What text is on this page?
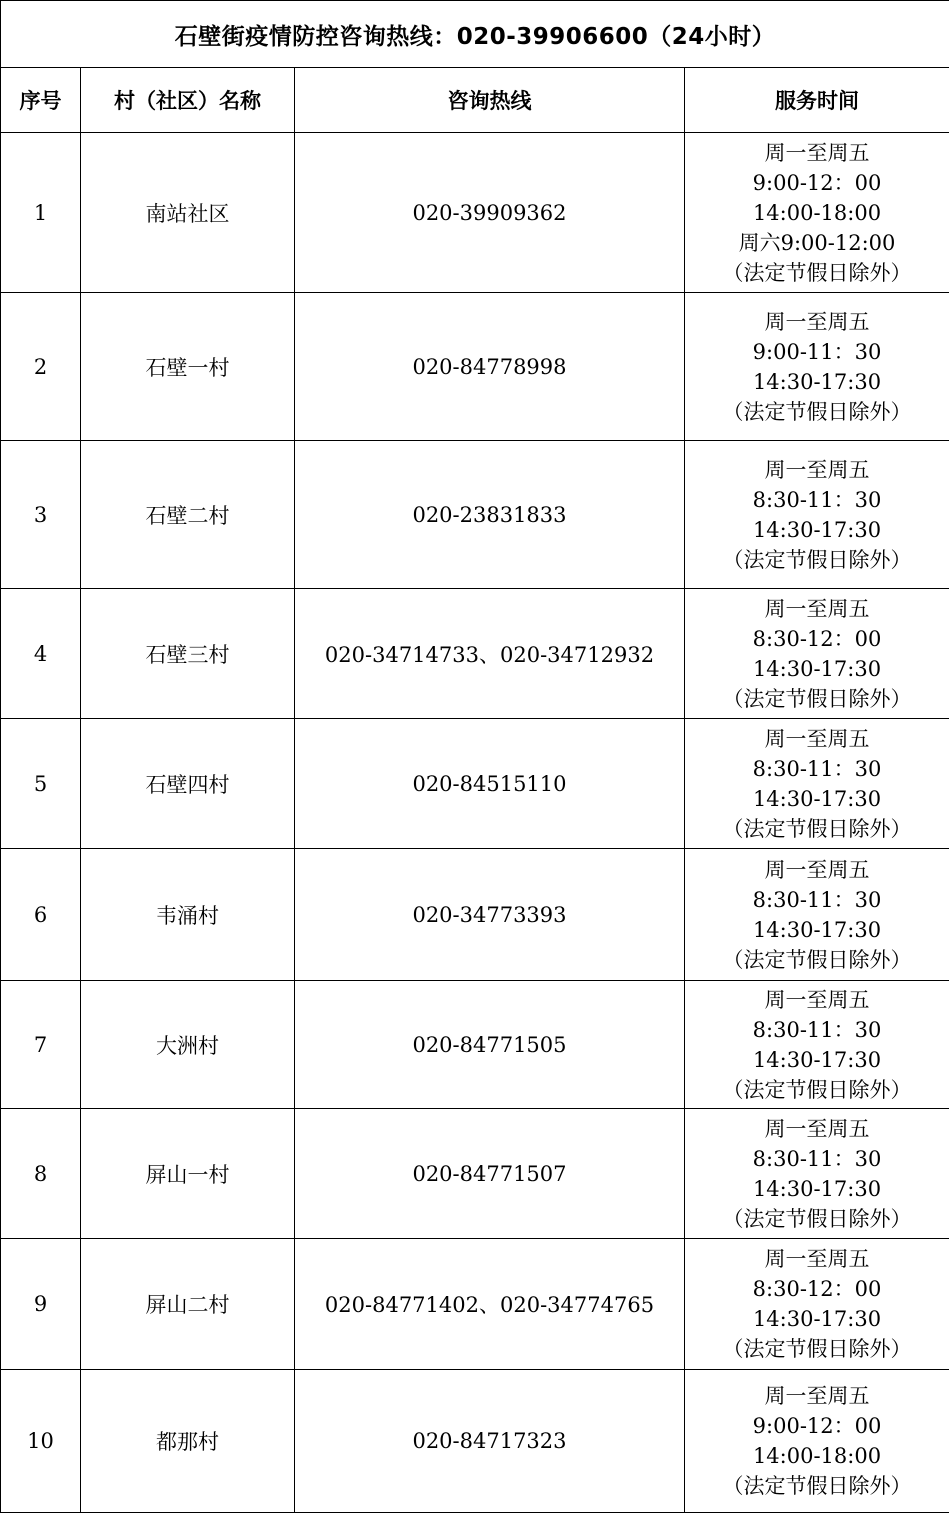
石壁街疫情防控咨询热线：020-39906600（24小时）			
序号	村（社区）名称	咨询热线	服务时间
1	南站社区	020-39909362	周一至周五
9:00-12：00
14:00-18:00
周六9:00-12:00
（法定节假日除外）

2	石壁一村	020-84778998	周一至周五
9:00-11：30
14:30-17:30
（法定节假日除外）

3	石壁二村	020-23831833	周一至周五
8:30-11：30
14:30-17:30
（法定节假日除外）

4	石壁三村	020-34714733、020-34712932	周一至周五
8:30-12：00
14:30-17:30
（法定节假日除外）

5	石壁四村	020-84515110	周一至周五
8:30-11：30
14:30-17:30
（法定节假日除外）

6	韦涌村	020-34773393	周一至周五
8:30-11：30
14:30-17:30
（法定节假日除外）

7	大洲村	020-84771505	周一至周五
8:30-11：30
14:30-17:30
（法定节假日除外）

8	屏山一村	020-84771507	周一至周五
8:30-11：30
14:30-17:30
（法定节假日除外）

9	屏山二村	020-84771402、020-34774765	周一至周五
8:30-12：00
14:30-17:30
（法定节假日除外）

10	都那村	020-84717323	周一至周五
9:00-12：00
14:00-18:00
（法定节假日除外）
